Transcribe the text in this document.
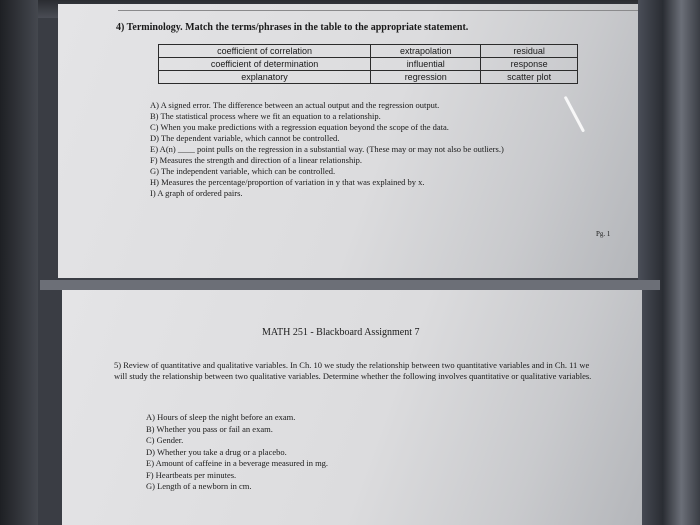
4) Terminology. Match the terms/phrases in the table to the appropriate statement.
coefficient of correlation	extrapolation	residual
coefficient of determination	influential	response
explanatory	regression	scatter plot
A) A signed error. The difference between an actual output and the regression output.
B) The statistical process where we fit an equation to a relationship.
C) When you make predictions with a regression equation beyond the scope of the data.
D) The dependent variable, which cannot be controlled.
E) A(n) ____ point pulls on the regression in a substantial way. (These may or may not also be outliers.)
F) Measures the strength and direction of a linear relationship.
G) The independent variable, which can be controlled.
H) Measures the percentage/proportion of variation in y that was explained by x.
I) A graph of ordered pairs.
Pg. 1
MATH 251 - Blackboard Assignment 7
5) Review of quantitative and qualitative variables. In Ch. 10 we study the relationship between two quantitative variables and in Ch. 11 we will study the relationship between two qualitative variables. Determine whether the following involves quantitative or qualitative variables.
A) Hours of sleep the night before an exam.
B) Whether you pass or fail an exam.
C) Gender.
D) Whether you take a drug or a placebo.
E) Amount of caffeine in a beverage measured in mg.
F) Heartbeats per minutes.
G) Length of a newborn in cm.
